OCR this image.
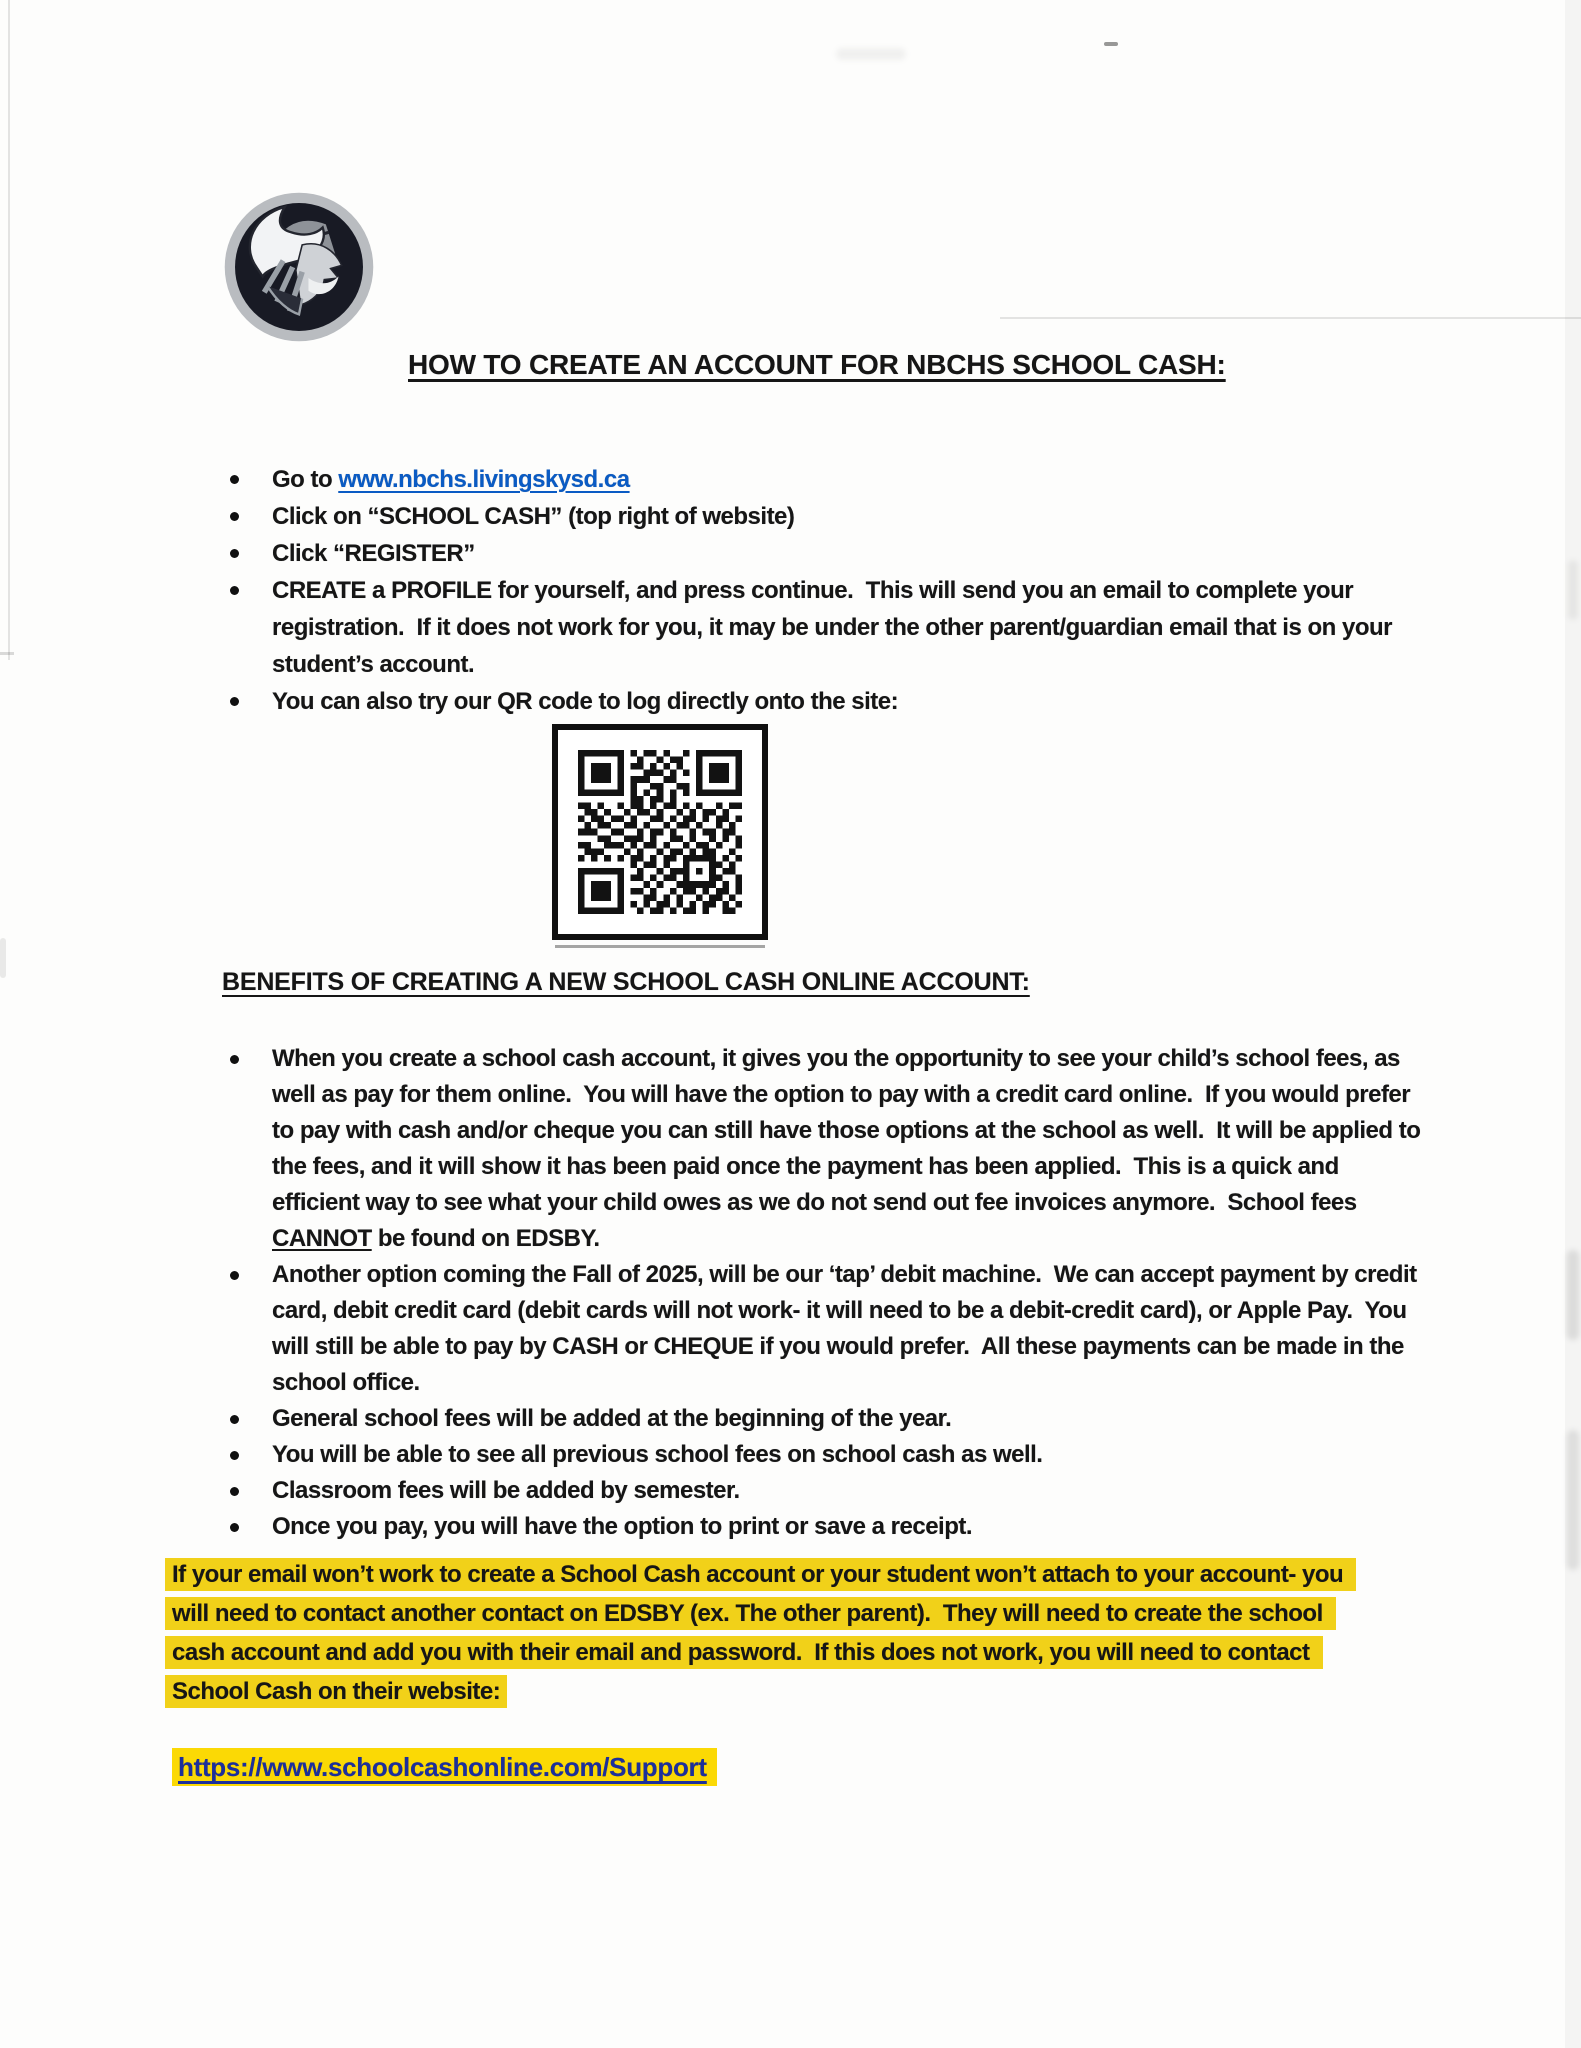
HOW TO CREATE AN ACCOUNT FOR NBCHS SCHOOL CASH:
Go to www.nbchs.livingskysd.ca
Click on “SCHOOL CASH” (top right of website)
Click “REGISTER”
CREATE a PROFILE for yourself, and press continue.  This will send you an email to complete your registration.  If it does not work for you, it may be under the other parent/guardian email that is on your student’s account.
You can also try our QR code to log directly onto the site:
BENEFITS OF CREATING A NEW SCHOOL CASH ONLINE ACCOUNT:
When you create a school cash account, it gives you the opportunity to see your child’s school fees, as well as pay for them online.  You will have the option to pay with a credit card online.  If you would prefer to pay with cash and/or cheque you can still have those options at the school as well.  It will be applied to the fees, and it will show it has been paid once the payment has been applied.  This is a quick and efficient way to see what your child owes as we do not send out fee invoices anymore.  School fees CANNOT be found on EDSBY.
Another option coming the Fall of 2025, will be our ‘tap’ debit machine.  We can accept payment by credit card, debit credit card (debit cards will not work- it will need to be a debit-credit card), or Apple Pay.  You will still be able to pay by CASH or CHEQUE if you would prefer.  All these payments can be made in the school office.
General school fees will be added at the beginning of the year.
You will be able to see all previous school fees on school cash as well.
Classroom fees will be added by semester.
Once you pay, you will have the option to print or save a receipt.

If your email won’t work to create a School Cash account or your student won’t attach to your account- you will need to contact another contact on EDSBY (ex. The other parent).  They will need to create the school cash account and add you with their email and password.  If this does not work, you will need to contact School Cash on their website:

https://www.schoolcashonline.com/Support
